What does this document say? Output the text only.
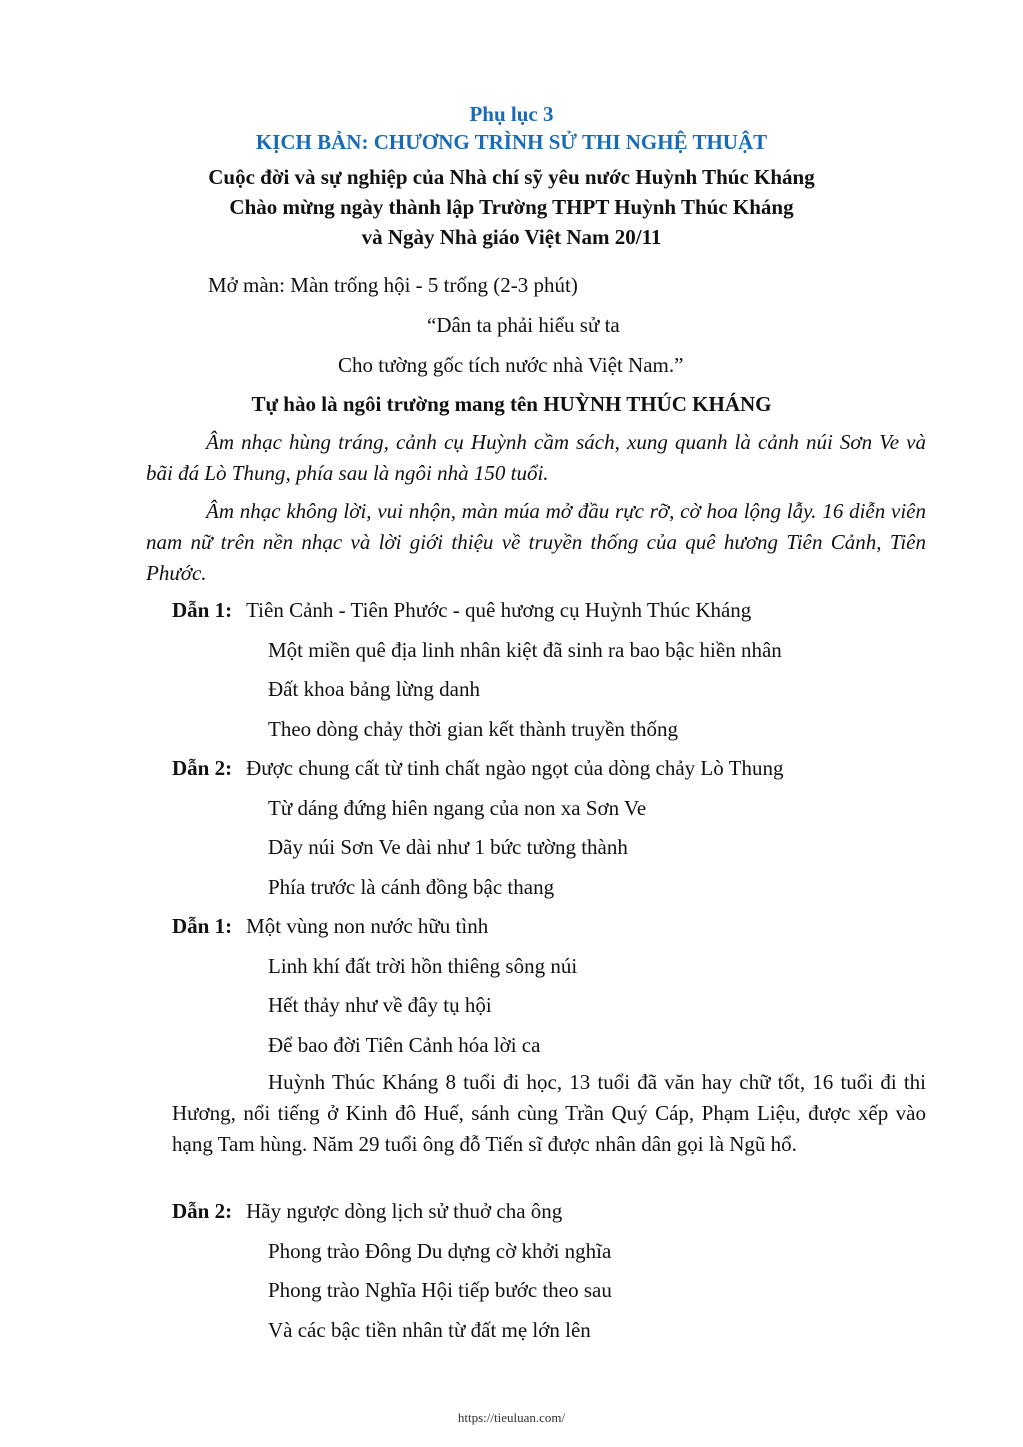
Phụ lục 3
KỊCH BẢN: CHƯƠNG TRÌNH SỬ THI NGHỆ THUẬT
Cuộc đời và sự nghiệp của Nhà chí sỹ yêu nước Huỳnh Thúc Kháng
Chào mừng ngày thành lập Trường THPT Huỳnh Thúc Kháng
và Ngày Nhà giáo Việt Nam 20/11
Mở màn: Màn trống hội - 5 trống (2-3 phút)
“Dân ta phải hiểu sử ta
Cho tường gốc tích nước nhà Việt Nam.”
Tự hào là ngôi trường mang tên HUỲNH THÚC KHÁNG
Âm nhạc hùng tráng, cảnh cụ Huỳnh cầm sách, xung quanh là cảnh núi Sơn Ve và bãi đá Lò Thung, phía sau là ngôi nhà 150 tuổi.
Âm nhạc không lời, vui nhộn, màn múa mở đầu rực rỡ, cờ hoa lộng lẫy. 16 diễn viên nam nữ trên nền nhạc và lời giới thiệu về truyền thống của quê hương Tiên Cảnh, Tiên Phước.
Dẫn 1: Tiên Cảnh - Tiên Phước - quê hương cụ Huỳnh Thúc Kháng
Một miền quê địa linh nhân kiệt đã sinh ra bao bậc hiền nhân
Đất khoa bảng lừng danh
Theo dòng chảy thời gian kết thành truyền thống
Dẫn 2: Được chung cất từ tinh chất ngào ngọt của dòng chảy Lò Thung
Từ dáng đứng hiên ngang của non xa Sơn Ve
Dãy núi Sơn Ve dài như 1 bức tường thành
Phía trước là cánh đồng bậc thang
Dẫn 1: Một vùng non nước hữu tình
Linh khí đất trời hồn thiêng sông núi
Hết thảy như về đây tụ hội
Để bao đời Tiên Cảnh hóa lời ca
Huỳnh Thúc Kháng 8 tuổi đi học, 13 tuổi đã văn hay chữ tốt, 16 tuổi đi thi Hương, nổi tiếng ở Kinh đô Huế, sánh cùng Trần Quý Cáp, Phạm Liệu, được xếp vào hạng Tam hùng. Năm 29 tuổi ông đỗ Tiến sĩ được nhân dân gọi là Ngũ hổ.
Dẫn 2: Hãy ngược dòng lịch sử thuở cha ông
Phong trào Đông Du dựng cờ khởi nghĩa
Phong trào Nghĩa Hội tiếp bước theo sau
Và các bậc tiền nhân từ đất mẹ lớn lên
https://tieuluan.com/
